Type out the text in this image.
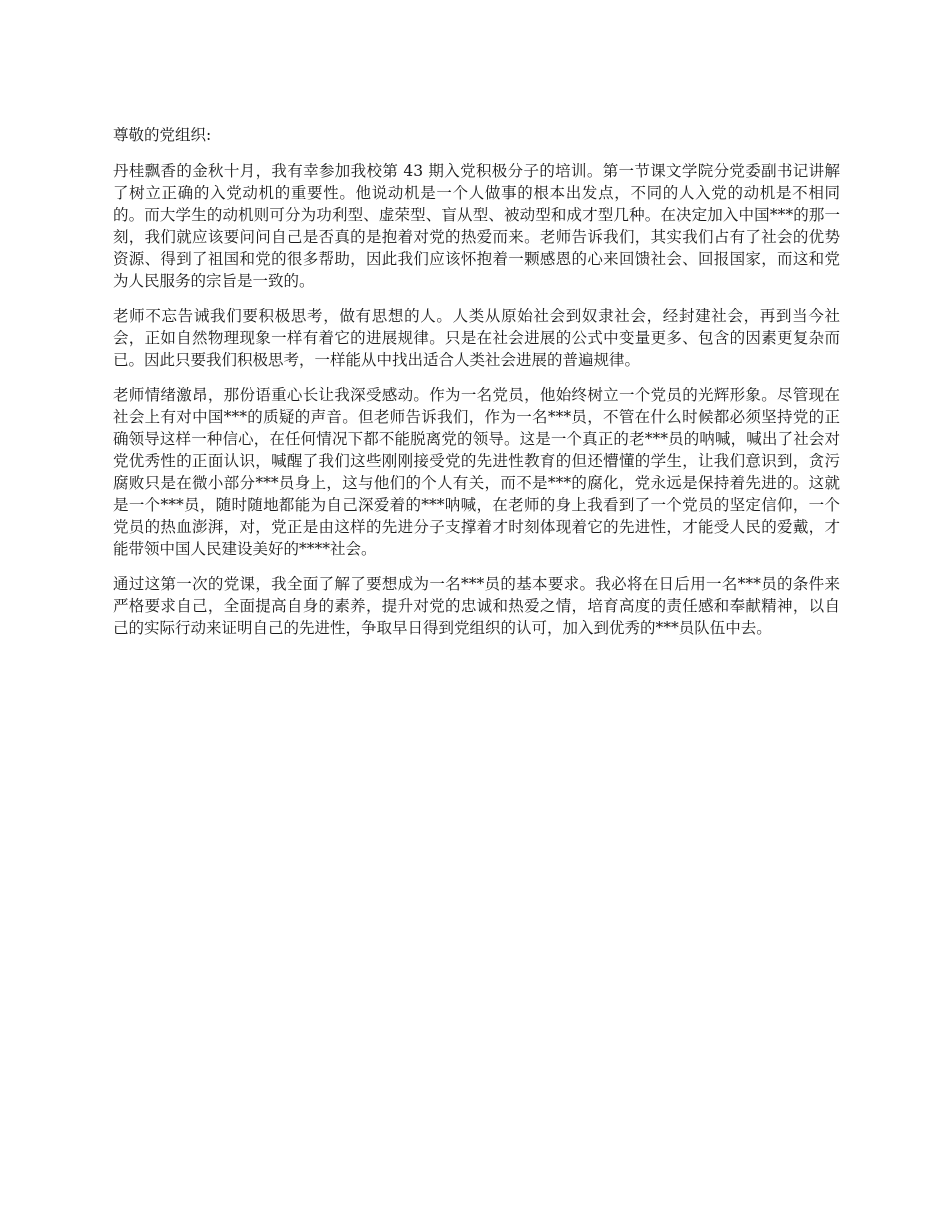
尊敬的党组织:

丹桂飘香的金秋十月，我有幸参加我校第 43 期入党积极分子的培训。第一节课文学院分党委副书记讲解了树立正确的入党动机的重要性。他说动机是一个人做事的根本出发点，不同的人入党的动机是不相同的。而大学生的动机则可分为功利型、虚荣型、盲从型、被动型和成才型几种。在决定加入中国***的那一刻，我们就应该要问问自己是否真的是抱着对党的热爱而来。老师告诉我们，其实我们占有了社会的优势资源、得到了祖国和党的很多帮助，因此我们应该怀抱着一颗感恩的心来回馈社会、回报国家，而这和党为人民服务的宗旨是一致的。

老师不忘告诫我们要积极思考，做有思想的人。人类从原始社会到奴隶社会，经封建社会，再到当今社会，正如自然物理现象一样有着它的进展规律。只是在社会进展的公式中变量更多、包含的因素更复杂而已。因此只要我们积极思考，一样能从中找出适合人类社会进展的普遍规律。

老师情绪激昂，那份语重心长让我深受感动。作为一名党员，他始终树立一个党员的光辉形象。尽管现在社会上有对中国***的质疑的声音。但老师告诉我们，作为一名***员，不管在什么时候都必须坚持党的正确领导这样一种信心，在任何情况下都不能脱离党的领导。这是一个真正的老***员的呐喊，喊出了社会对党优秀性的正面认识，喊醒了我们这些刚刚接受党的先进性教育的但还懵懂的学生，让我们意识到，贪污腐败只是在微小部分***员身上，这与他们的个人有关，而不是***的腐化，党永远是保持着先进的。这就是一个***员，随时随地都能为自己深爱着的***呐喊，在老师的身上我看到了一个党员的坚定信仰，一个党员的热血澎湃，对，党正是由这样的先进分子支撑着才时刻体现着它的先进性，才能受人民的爱戴，才能带领中国人民建设美好的****社会。

通过这第一次的党课，我全面了解了要想成为一名***员的基本要求。我必将在日后用一名***员的条件来严格要求自己，全面提高自身的素养，提升对党的忠诚和热爱之情，培育高度的责任感和奉献精神，以自己的实际行动来证明自己的先进性，争取早日得到党组织的认可，加入到优秀的***员队伍中去。
